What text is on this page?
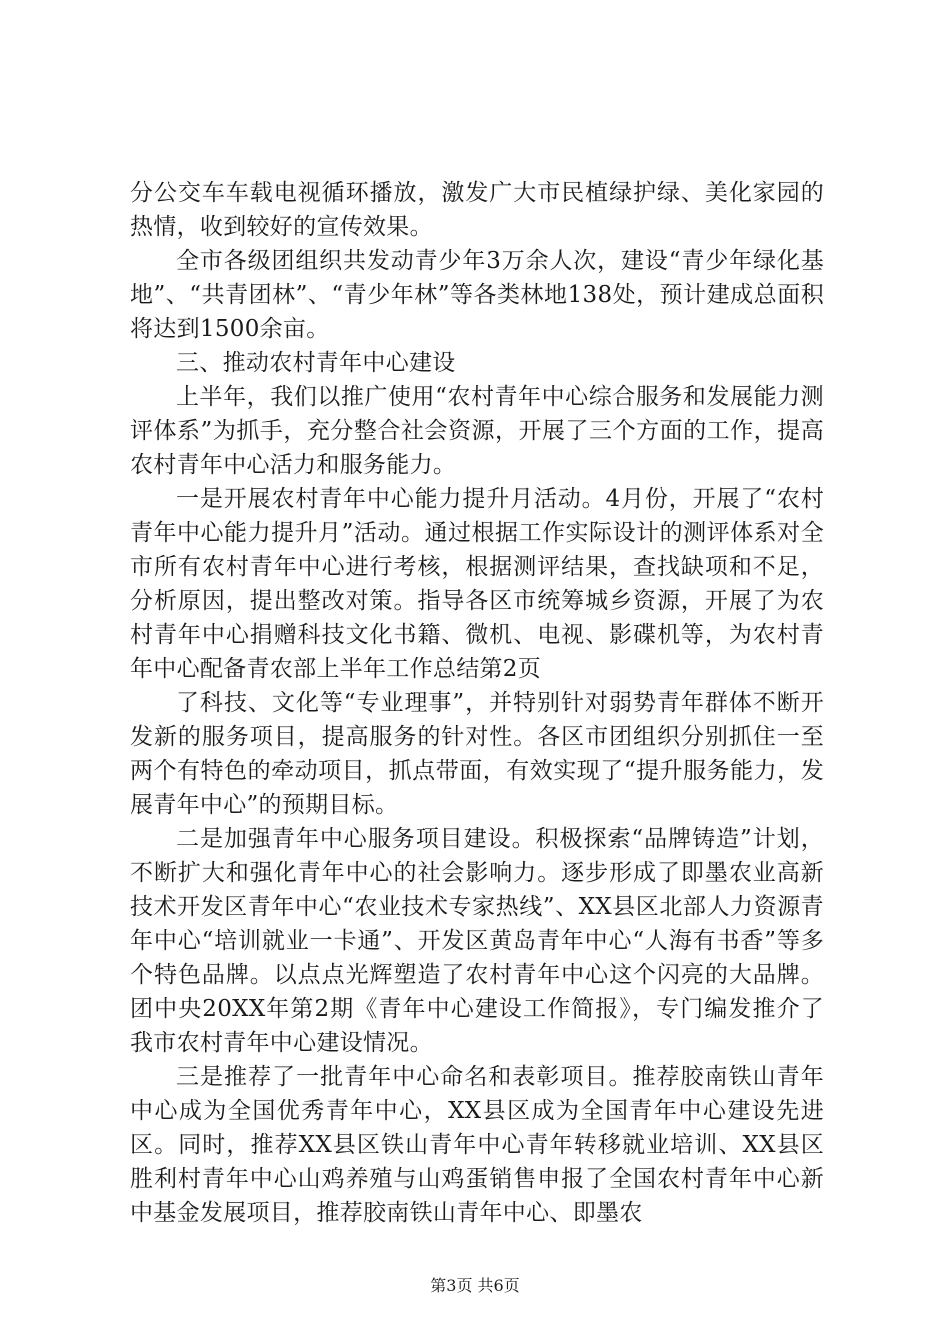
分公交车车载电视循环播放，激发广大市民植绿护绿、美化家园的热情，收到较好的宣传效果。

全市各级团组织共发动青少年3万余人次，建设“青少年绿化基地”、“共青团林”、“青少年林”等各类林地138处，预计建成总面积将达到1500余亩。

三、推动农村青年中心建设

上半年，我们以推广使用“农村青年中心综合服务和发展能力测评体系”为抓手，充分整合社会资源，开展了三个方面的工作，提高农村青年中心活力和服务能力。

一是开展农村青年中心能力提升月活动。4月份，开展了“农村青年中心能力提升月”活动。通过根据工作实际设计的测评体系对全市所有农村青年中心进行考核，根据测评结果，查找缺项和不足，分析原因，提出整改对策。指导各区市统筹城乡资源，开展了为农村青年中心捐赠科技文化书籍、微机、电视、影碟机等，为农村青年中心配备青农部上半年工作总结第2页

了科技、文化等“专业理事”，并特别针对弱势青年群体不断开发新的服务项目，提高服务的针对性。各区市团组织分别抓住一至两个有特色的牵动项目，抓点带面，有效实现了“提升服务能力，发展青年中心”的预期目标。

二是加强青年中心服务项目建设。积极探索“品牌铸造”计划，不断扩大和强化青年中心的社会影响力。逐步形成了即墨农业高新技术开发区青年中心“农业技术专家热线”、XX县区北部人力资源青年中心“培训就业一卡通”、开发区黄岛青年中心“人海有书香”等多个特色品牌。以点点光辉塑造了农村青年中心这个闪亮的大品牌。团中央20XX年第2期《青年中心建设工作简报》，专门编发推介了我市农村青年中心建设情况。

三是推荐了一批青年中心命名和表彰项目。推荐胶南铁山青年中心成为全国优秀青年中心，XX县区成为全国青年中心建设先进区。同时，推荐XX县区铁山青年中心青年转移就业培训、XX县区胜利村青年中心山鸡养殖与山鸡蛋销售申报了全国农村青年中心新中基金发展项目，推荐胶南铁山青年中心、即墨农

第3页 共6页
